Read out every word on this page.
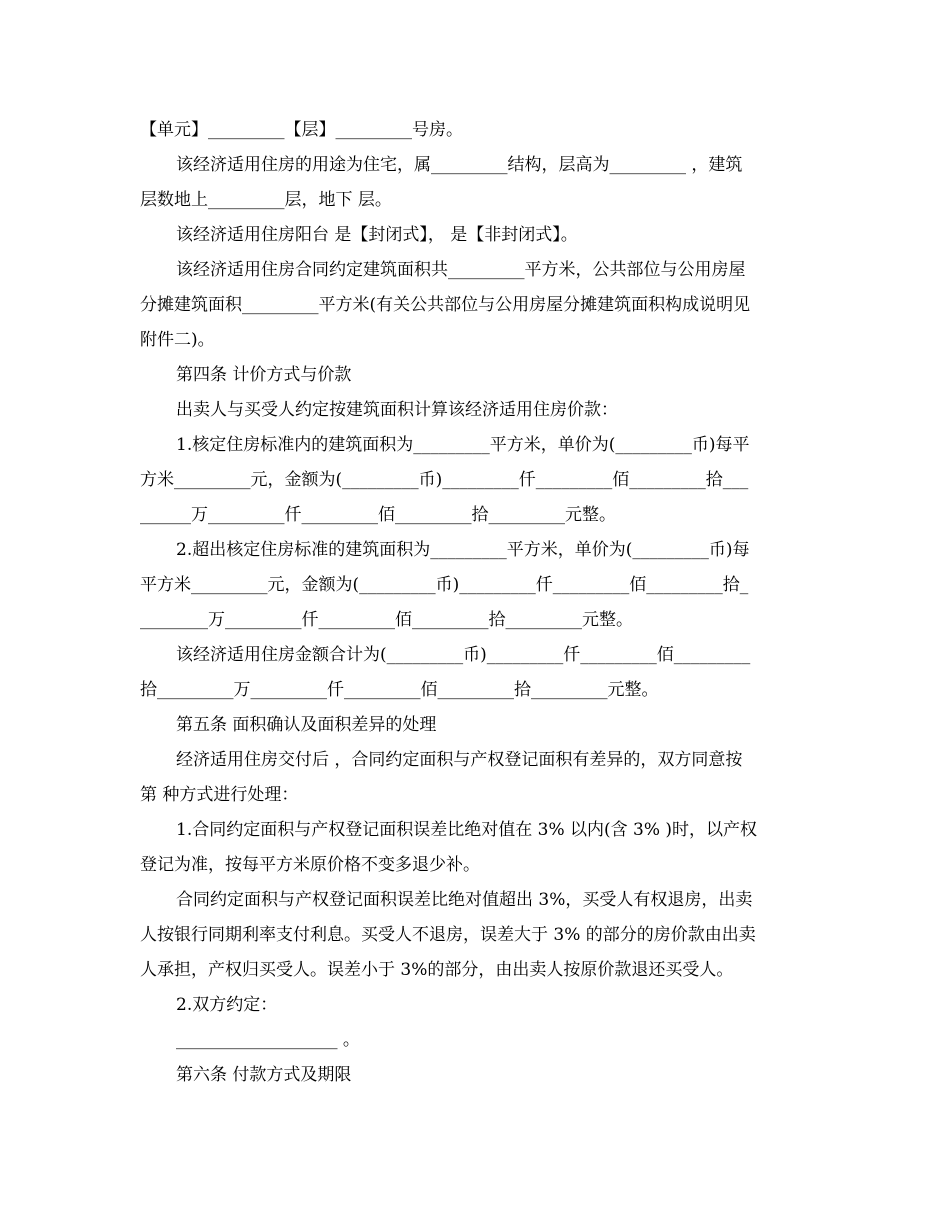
【单元】_________【层】_________号房。
该经济适用住房的用途为住宅，属_________结构，层高为_________ ，建筑
层数地上_________层，地下 层。
该经济适用住房阳台 是【封闭式】， 是【非封闭式】。
该经济适用住房合同约定建筑面积共_________平方米，公共部位与公用房屋
分摊建筑面积_________平方米(有关公共部位与公用房屋分摊建筑面积构成说明见
附件二)。
第四条 计价方式与价款
出卖人与买受人约定按建筑面积计算该经济适用住房价款：
1.核定住房标准内的建筑面积为_________平方米，单价为(_________币)每平
方米_________元，金额为(_________币)_________仟_________佰_________拾___
______万_________仟_________佰_________拾_________元整。
2.超出核定住房标准的建筑面积为_________平方米，单价为(_________币)每
平方米_________元，金额为(_________币)_________仟_________佰_________拾_
________万_________仟_________佰_________拾_________元整。
该经济适用住房金额合计为(_________币)_________仟_________佰_________
拾_________万_________仟_________佰_________拾_________元整。
第五条 面积确认及面积差异的处理
经济适用住房交付后 ，合同约定面积与产权登记面积有差异的，双方同意按
第 种方式进行处理：
1.合同约定面积与产权登记面积误差比绝对值在 3% 以内(含 3% )时，以产权
登记为准，按每平方米原价格不变多退少补。
合同约定面积与产权登记面积误差比绝对值超出 3%，买受人有权退房，出卖
人按银行同期利率支付利息。买受人不退房，误差大于 3% 的部分的房价款由出卖
人承担，产权归买受人。误差小于 3%的部分，由出卖人按原价款退还买受人。
2.双方约定：
___________________ 。
第六条 付款方式及期限
